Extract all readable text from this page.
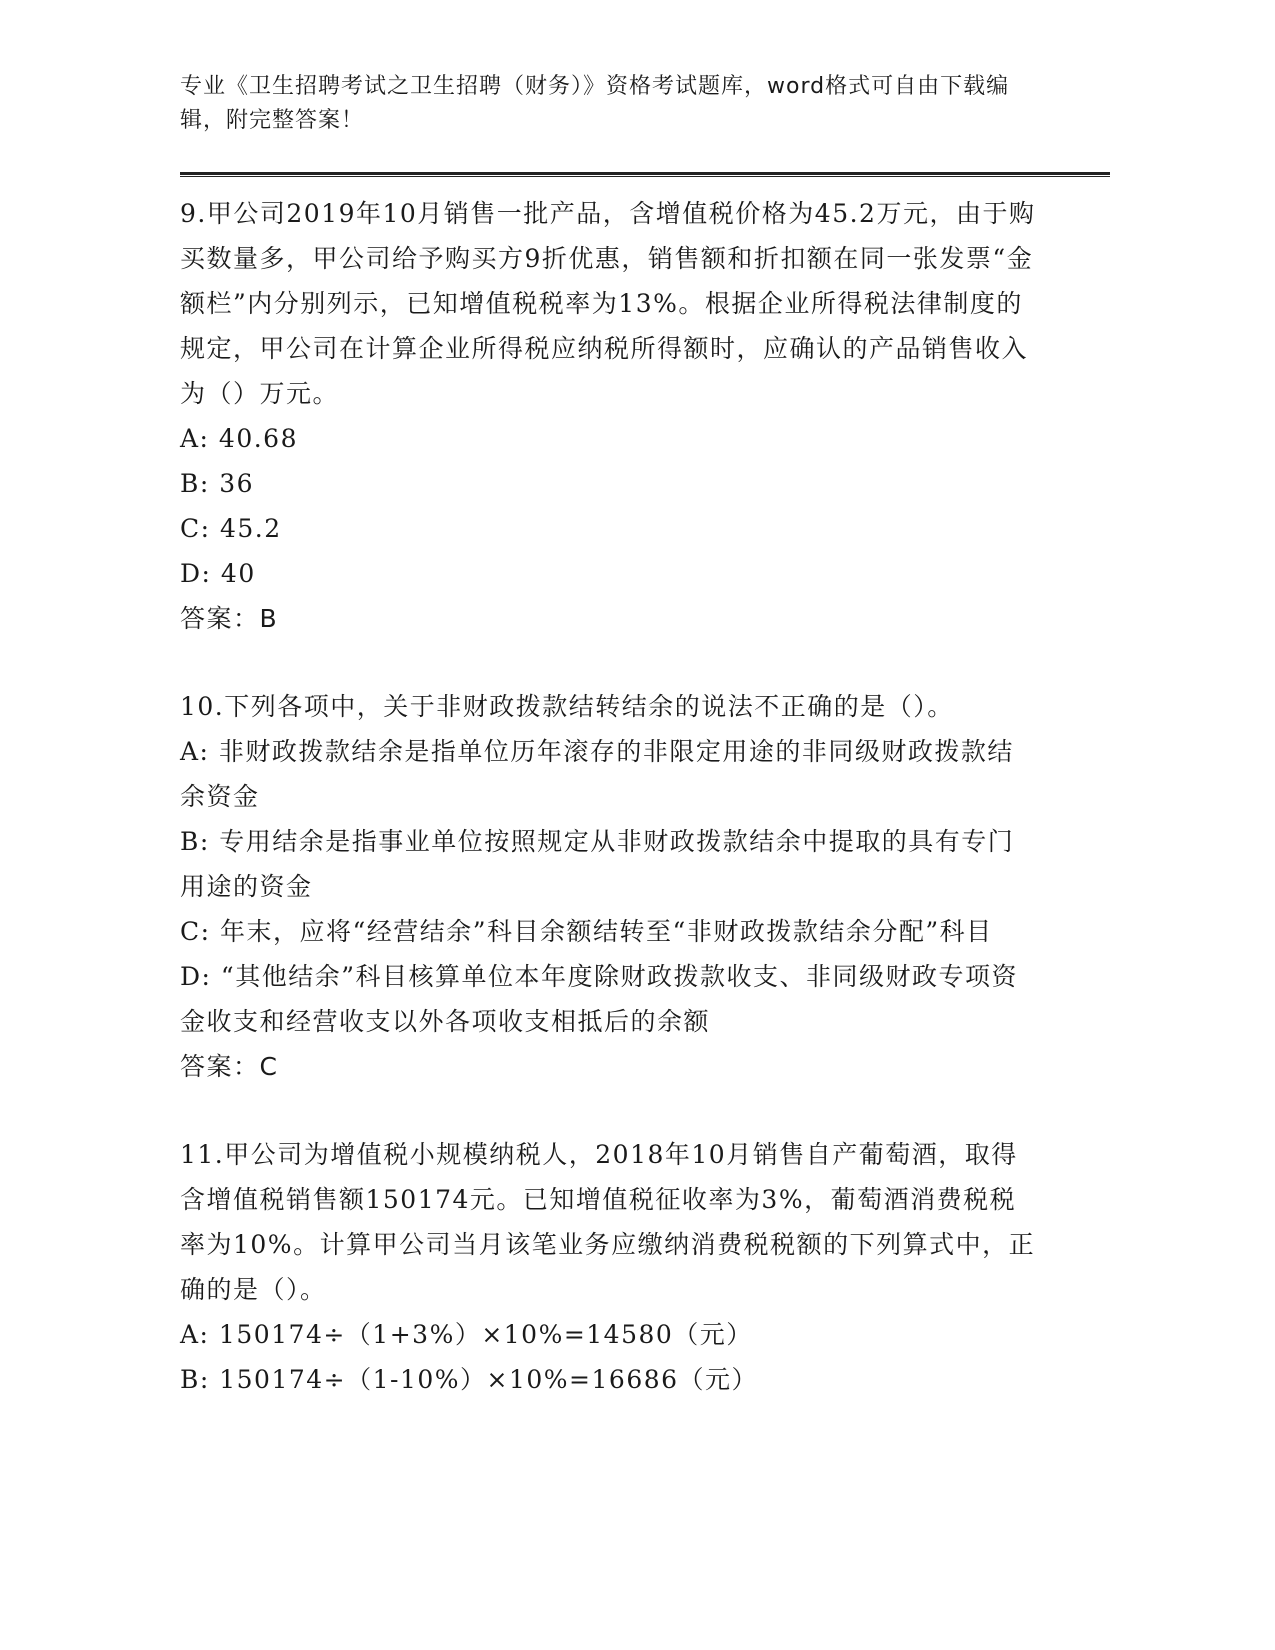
专业《卫生招聘考试之卫生招聘（财务）》资格考试题库，word格式可自由下载编辑，附完整答案！

9.甲公司2019年10月销售一批产品，含增值税价格为45.2万元，由于购买数量多，甲公司给予购买方9折优惠，销售额和折扣额在同一张发票“金额栏”内分别列示，已知增值税税率为13%。根据企业所得税法律制度的规定，甲公司在计算企业所得税应纳税所得额时，应确认的产品销售收入为（）万元。

A: 40.68

B: 36

C: 45.2

D: 40

答案：B

10.下列各项中，关于非财政拨款结转结余的说法不正确的是（）。

A: 非财政拨款结余是指单位历年滚存的非限定用途的非同级财政拨款结余资金

B: 专用结余是指事业单位按照规定从非财政拨款结余中提取的具有专门用途的资金

C: 年末，应将“经营结余”科目余额结转至“非财政拨款结余分配”科目

D: “其他结余”科目核算单位本年度除财政拨款收支、非同级财政专项资金收支和经营收支以外各项收支相抵后的余额

答案：C

11.甲公司为增值税小规模纳税人，2018年10月销售自产葡萄酒，取得含增值税销售额150174元。已知增值税征收率为3%，葡萄酒消费税税率为10%。计算甲公司当月该笔业务应缴纳消费税税额的下列算式中，正确的是（）。

A: 150174÷（1+3%）×10%=14580（元）

B: 150174÷（1-10%）×10%=16686（元）
